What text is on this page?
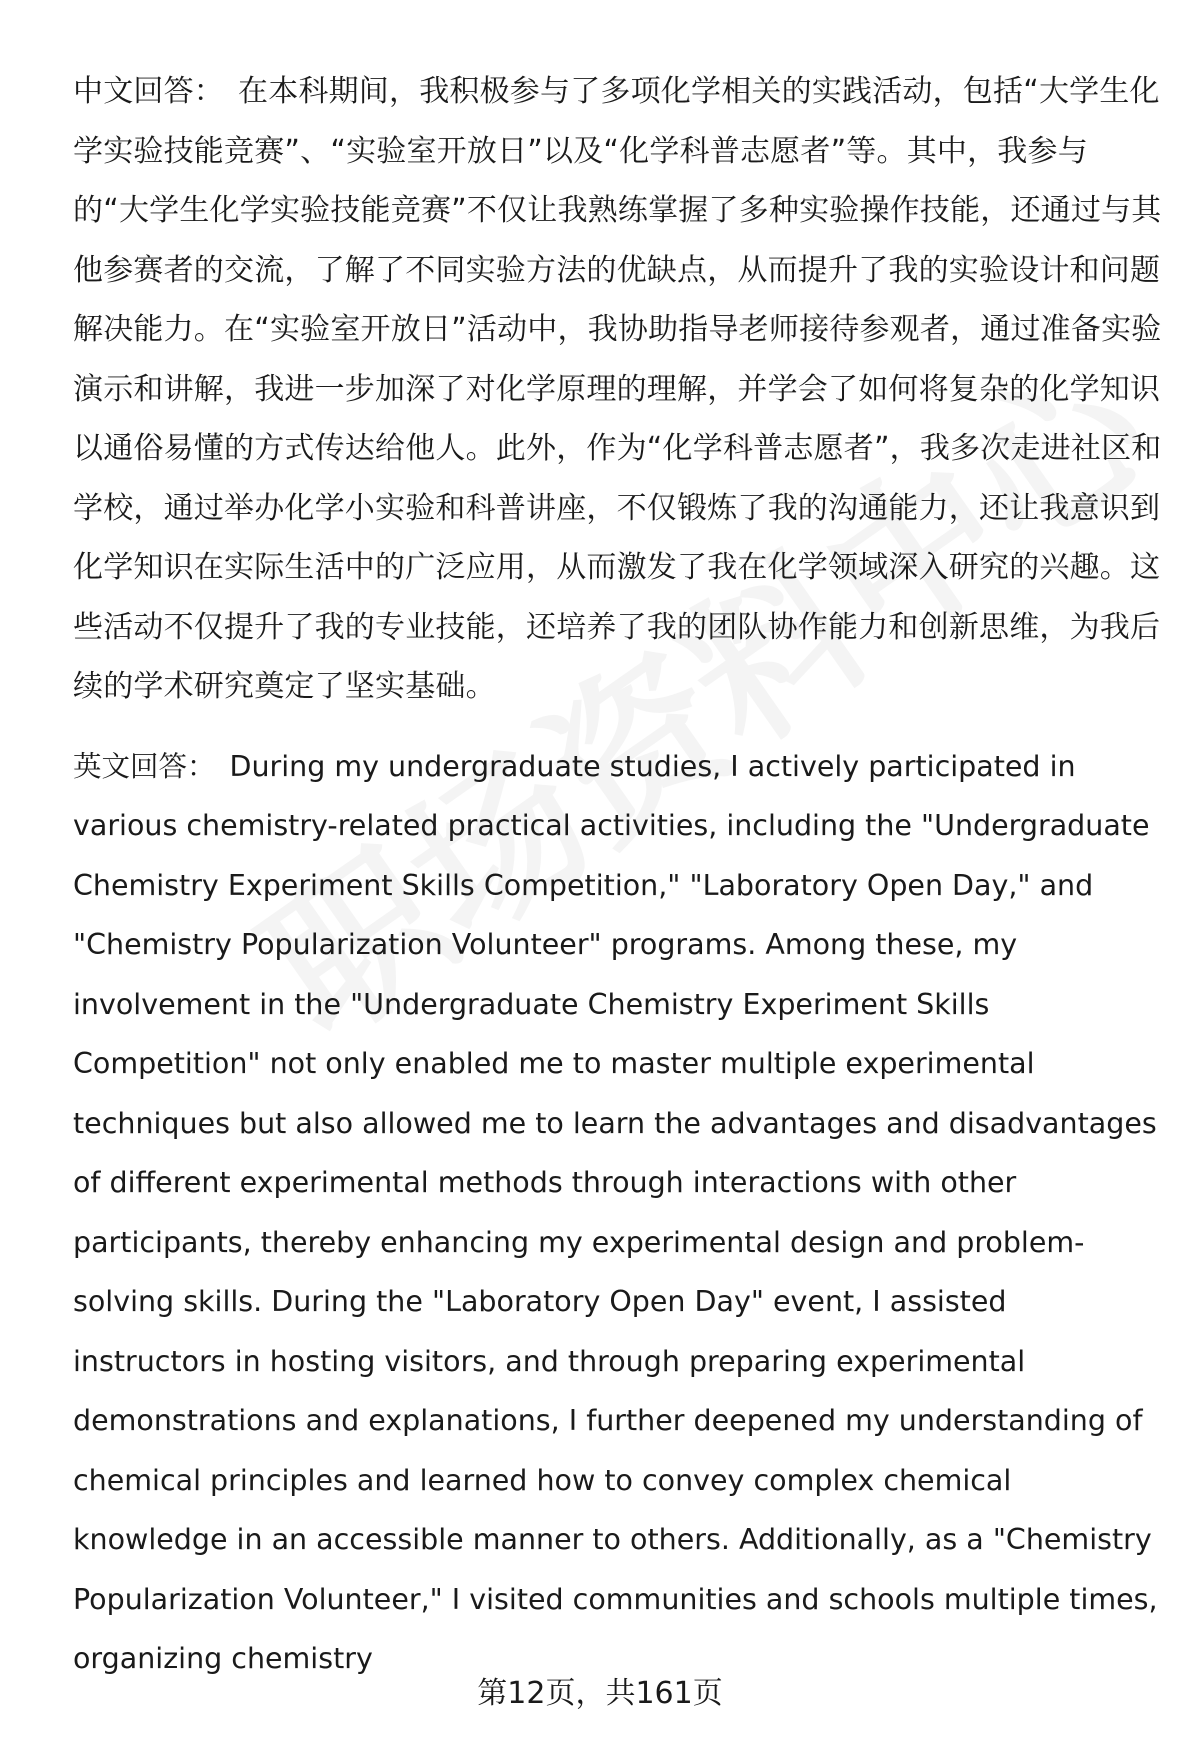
中文回答： 在本科期间，我积极参与了多项化学相关的实践活动，包括“大学生化学实验技能竞赛”、“实验室开放日”以及“化学科普志愿者”等。其中，我参与的“大学生化学实验技能竞赛”不仅让我熟练掌握了多种实验操作技能，还通过与其他参赛者的交流，了解了不同实验方法的优缺点，从而提升了我的实验设计和问题解决能力。在“实验室开放日”活动中，我协助指导老师接待参观者，通过准备实验演示和讲解，我进一步加深了对化学原理的理解，并学会了如何将复杂的化学知识以通俗易懂的方式传达给他人。此外，作为“化学科普志愿者”，我多次走进社区和学校，通过举办化学小实验和科普讲座，不仅锻炼了我的沟通能力，还让我意识到化学知识在实际生活中的广泛应用，从而激发了我在化学领域深入研究的兴趣。这些活动不仅提升了我的专业技能，还培养了我的团队协作能力和创新思维，为我后续的学术研究奠定了坚实基础。

英文回答： During my undergraduate studies, I actively participated in various chemistry-related practical activities, including the "Undergraduate Chemistry Experiment Skills Competition," "Laboratory Open Day," and "Chemistry Popularization Volunteer" programs. Among these, my involvement in the "Undergraduate Chemistry Experiment Skills Competition" not only enabled me to master multiple experimental techniques but also allowed me to learn the advantages and disadvantages of different experimental methods through interactions with other participants, thereby enhancing my experimental design and problem-solving skills. During the "Laboratory Open Day" event, I assisted instructors in hosting visitors, and through preparing experimental demonstrations and explanations, I further deepened my understanding of chemical principles and learned how to convey complex chemical knowledge in an accessible manner to others. Additionally, as a "Chemistry Popularization Volunteer," I visited communities and schools multiple times, organizing chemistry

第12页，共161页
